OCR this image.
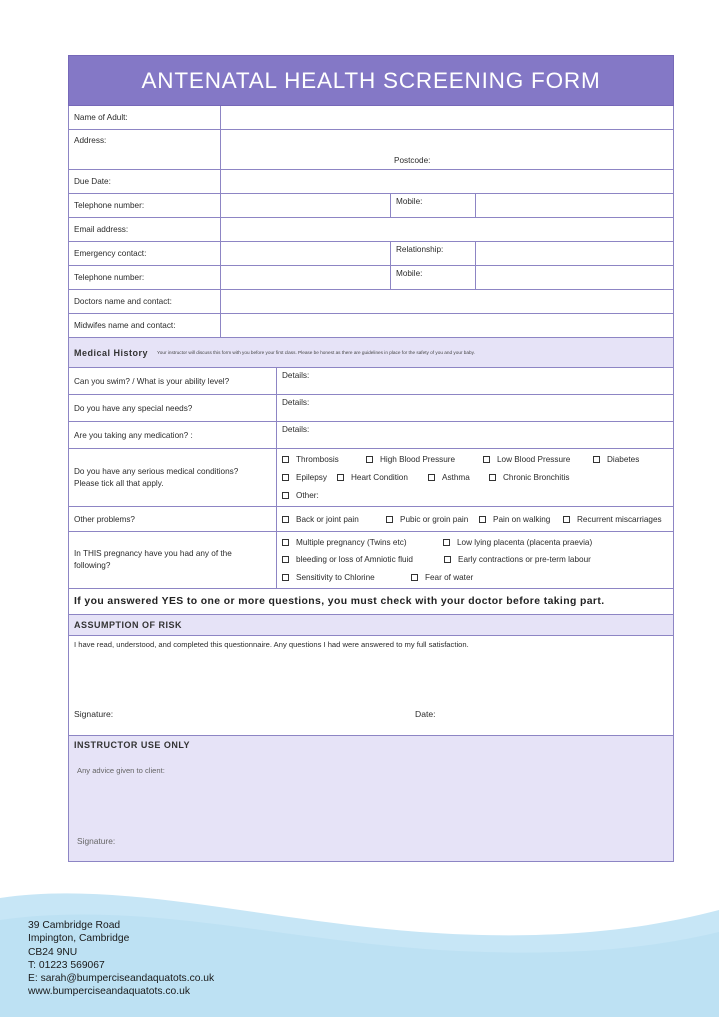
ANTENATAL HEALTH SCREENING FORM
Name of Adult:
Address:
Postcode:
Due Date:
Telephone number:	Mobile:
Email address:
Emergency contact:	Relationship:
Telephone number:	Mobile:
Doctors name and contact:
Midwifes name and contact:
Medical History Your instructor will discuss this form with you before your first class. Please be honest as there are guidelines in place for the safety of you and your baby.
Can you swim? / What is your ability level?
Details:
Do you have any special needs?
Details:
Are you taking any medication? :
Details:
Do you have any serious medical conditions?
Please tick all that apply.
Thrombosis	High Blood Pressure	Low Blood Pressure	Diabetes
Epilepsy	Heart Condition	Asthma	Chronic Bronchitis
Other:
Other problems?	Back or joint pain	Pubic or groin pain	Pain on walking	Recurrent miscarriages
In THIS pregnancy have you had any of the
following?
Multiple pregnancy (Twins etc)	Low lying placenta (placenta praevia)
bleeding or loss of Amniotic fluid	Early contractions or pre-term labour
Sensitivity to Chlorine	Fear of water
If you answered YES to one or more questions, you must check with your doctor before taking part.
ASSUMPTION OF RISK
I have read, understood, and completed this questionnaire. Any questions I had were answered to my full satisfaction.
Signature:	Date:
INSTRUCTOR USE ONLY
Any advice given to client:
Signature:
39 Cambridge Road
Impington, Cambridge
CB24 9NU
T: 01223 569067
E: sarah@bumperciseandaquatots.co.uk
www.bumperciseandaquatots.co.uk
